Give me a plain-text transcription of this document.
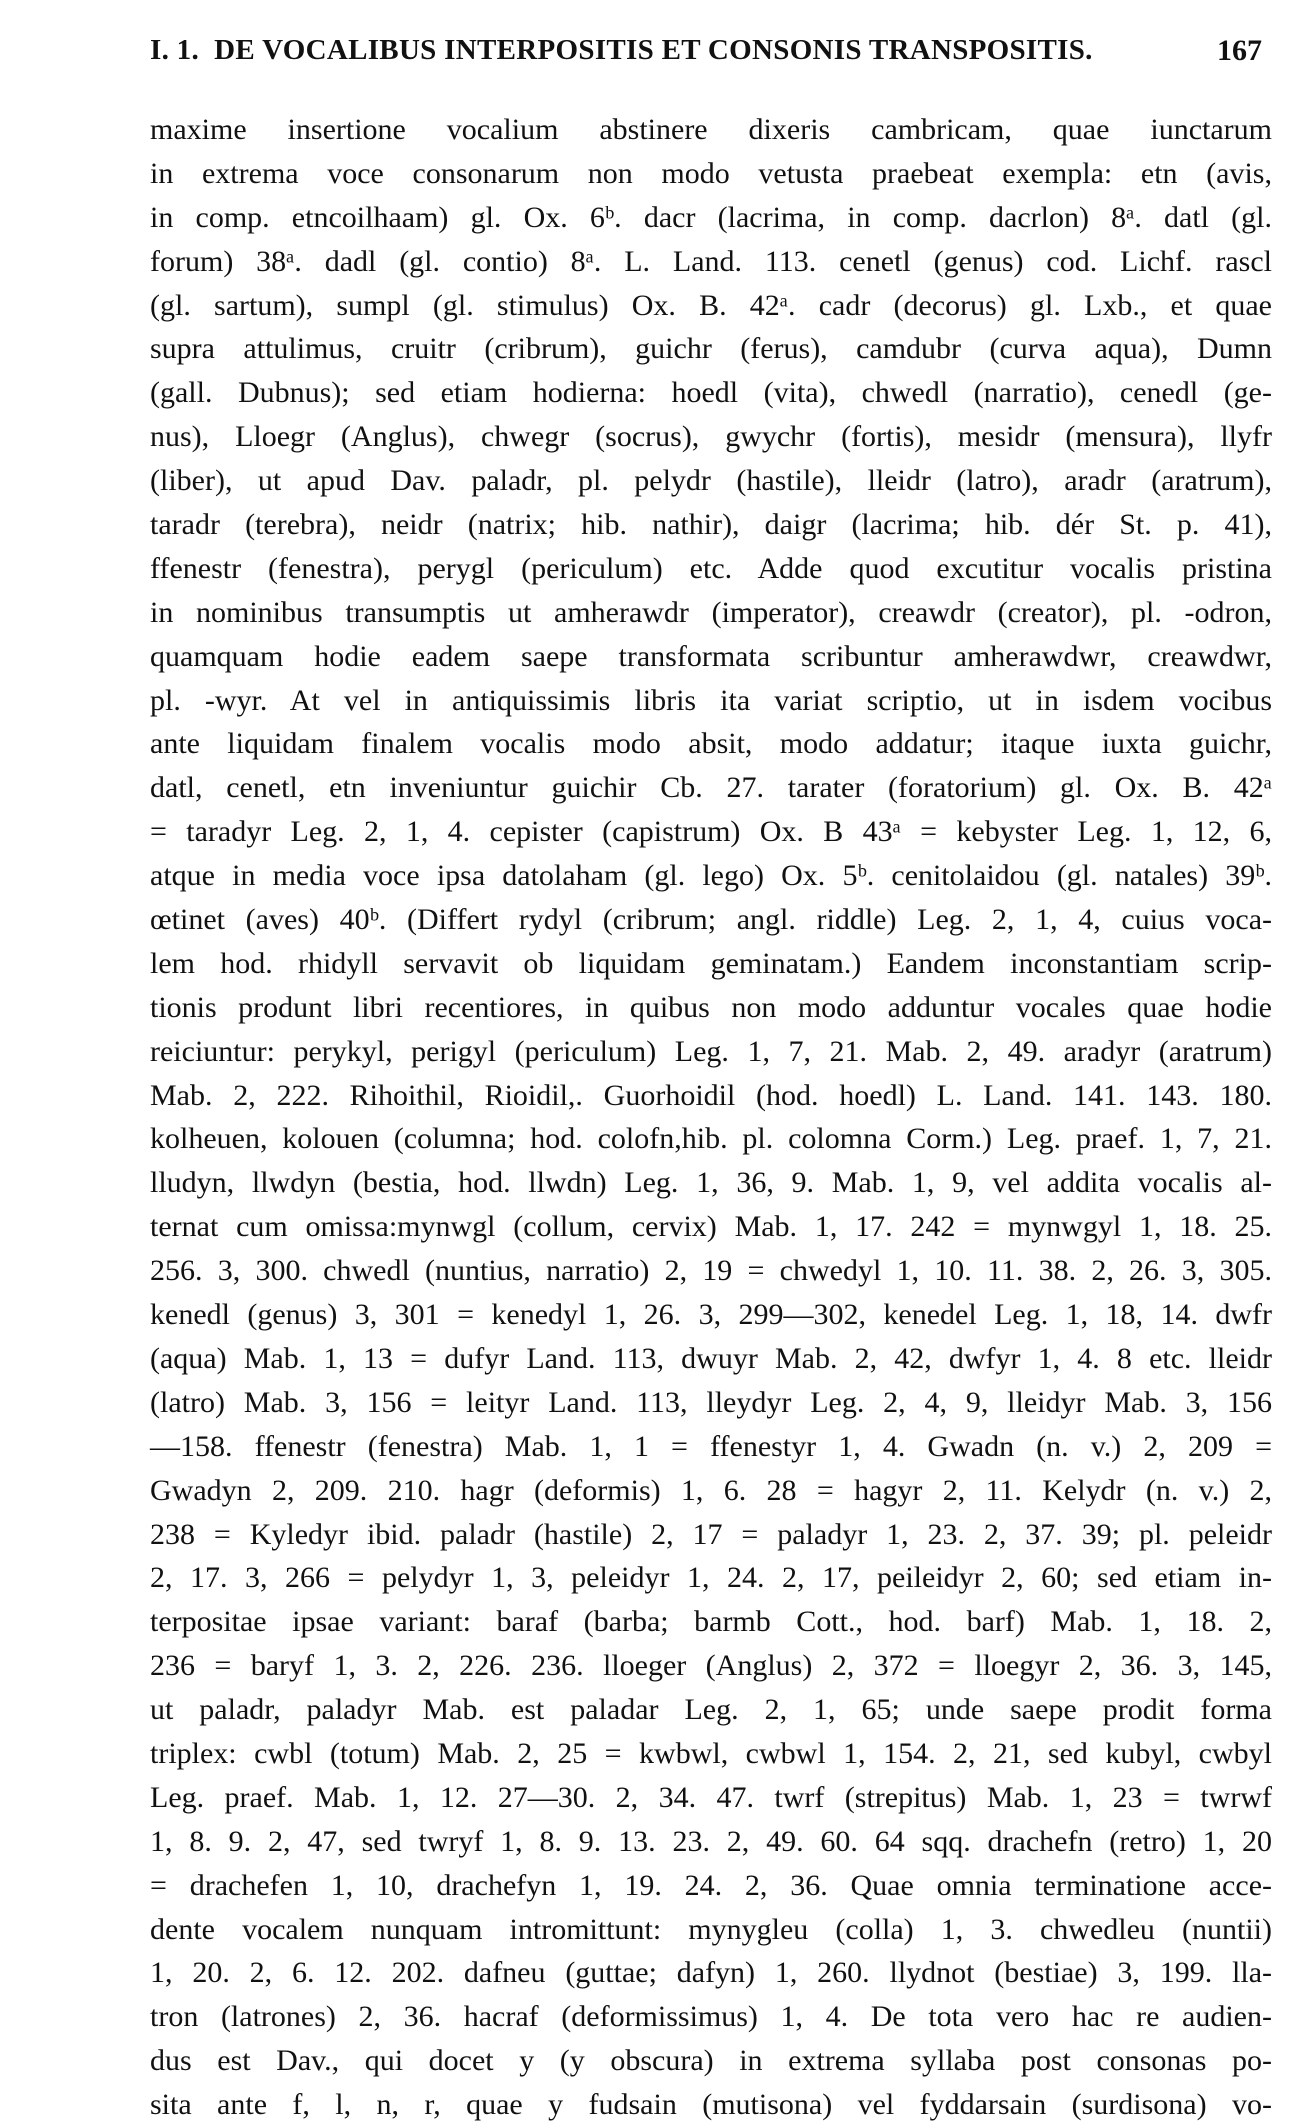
I. 1. DE VOCALIBUS INTERPOSITIS ET CONSONIS TRANSPOSITIS.	167
maxime insertione vocalium abstinere dixeris cambricam, quae iunctarum
in extrema voce consonarum non modo vetusta praebeat exempla: etn (avis,
in comp. etncoilhaam) gl. Ox. 6ᵇ. dacr (lacrima, in comp. dacrlon) 8ᵃ. datl (gl.
forum) 38ᵃ. dadl (gl. contio) 8ᵃ. L. Land. 113. cenetl (genus) cod. Lichf. rascl
(gl. sartum), sumpl (gl. stimulus) Ox. B. 42ᵃ. cadr (decorus) gl. Lxb., et quae
supra attulimus, cruitr (cribrum), guichr (ferus), camdubr (curva aqua), Dumn
(gall. Dubnus); sed etiam hodierna: hoedl (vita), chwedl (narratio), cenedl (ge-
nus), Lloegr (Anglus), chwegr (socrus), gwychr (fortis), mesidr (mensura), llyfr
(liber), ut apud Dav. paladr, pl. pelydr (hastile), lleidr (latro), aradr (aratrum),
taradr (terebra), neidr (natrix; hib. nathir), daigr (lacrima; hib. dér St. p. 41),
ffenestr (fenestra), perygl (periculum) etc. Adde quod excutitur vocalis pristina
in nominibus transumptis ut amherawdr (imperator), creawdr (creator), pl. -odron,
quamquam hodie eadem saepe transformata scribuntur amherawdwr, creawdwr,
pl. -wyr. At vel in antiquissimis libris ita variat scriptio, ut in isdem vocibus
ante liquidam finalem vocalis modo absit, modo addatur; itaque iuxta guichr,
datl, cenetl, etn inveniuntur guichir Cb. 27. tarater (foratorium) gl. Ox. B. 42ᵃ
= taradyr Leg. 2, 1, 4. cepister (capistrum) Ox. B 43ᵃ = kebyster Leg. 1, 12, 6,
atque in media voce ipsa datolaham (gl. lego) Ox. 5ᵇ. cenitolaidou (gl. natales) 39ᵇ.
œtinet (aves) 40ᵇ. (Differt rydyl (cribrum; angl. riddle) Leg. 2, 1, 4, cuius voca-
lem hod. rhidyll servavit ob liquidam geminatam.) Eandem inconstantiam scrip-
tionis produnt libri recentiores, in quibus non modo adduntur vocales quae hodie
reiciuntur: perykyl, perigyl (periculum) Leg. 1, 7, 21. Mab. 2, 49. aradyr (aratrum)
Mab. 2, 222. Rihoithil, Rioidil,. Guorhoidil (hod. hoedl) L. Land. 141. 143. 180.
kolheuen, kolouen (columna; hod. colofn,hib. pl. colomna Corm.) Leg. praef. 1, 7, 21.
lludyn, llwdyn (bestia, hod. llwdn) Leg. 1, 36, 9. Mab. 1, 9, vel addita vocalis al-
ternat cum omissa:mynwgl (collum, cervix) Mab. 1, 17. 242 = mynwgyl 1, 18. 25.
256. 3, 300. chwedl (nuntius, narratio) 2, 19 = chwedyl 1, 10. 11. 38. 2, 26. 3, 305.
kenedl (genus) 3, 301 = kenedyl 1, 26. 3, 299—302, kenedel Leg. 1, 18, 14. dwfr
(aqua) Mab. 1, 13 = dufyr Land. 113, dwuyr Mab. 2, 42, dwfyr 1, 4. 8 etc. lleidr
(latro) Mab. 3, 156 = leityr Land. 113, lleydyr Leg. 2, 4, 9, lleidyr Mab. 3, 156
—158. ffenestr (fenestra) Mab. 1, 1 = ffenestyr 1, 4. Gwadn (n. v.) 2, 209 =
Gwadyn 2, 209. 210. hagr (deformis) 1, 6. 28 = hagyr 2, 11. Kelydr (n. v.) 2,
238 = Kyledyr ibid. paladr (hastile) 2, 17 = paladyr 1, 23. 2, 37. 39; pl. peleidr
2, 17. 3, 266 = pelydyr 1, 3, peleidyr 1, 24. 2, 17, peileidyr 2, 60; sed etiam in-
terpositae ipsae variant: baraf (barba; barmb Cott., hod. barf) Mab. 1, 18. 2,
236 = baryf 1, 3. 2, 226. 236. lloeger (Anglus) 2, 372 = lloegyr 2, 36. 3, 145,
ut paladr, paladyr Mab. est paladar Leg. 2, 1, 65; unde saepe prodit forma
triplex: cwbl (totum) Mab. 2, 25 = kwbwl, cwbwl 1, 154. 2, 21, sed kubyl, cwbyl
Leg. praef. Mab. 1, 12. 27—30. 2, 34. 47. twrf (strepitus) Mab. 1, 23 = twrwf
1, 8. 9. 2, 47, sed twryf 1, 8. 9. 13. 23. 2, 49. 60. 64 sqq. drachefn (retro) 1, 20
= drachefen 1, 10, drachefyn 1, 19. 24. 2, 36. Quae omnia terminatione acce-
dente vocalem nunquam intromittunt: mynygleu (colla) 1, 3. chwedleu (nuntii)
1, 20. 2, 6. 12. 202. dafneu (guttae; dafyn) 1, 260. llydnot (bestiae) 3, 199. lla-
tron (latrones) 2, 36. hacraf (deformissimus) 1, 4. De tota vero hac re audien-
dus est Dav., qui docet y (y obscura) in extrema syllaba post consonas po-
sita ante f, l, n, r, quae y fudsain (mutisona) vel fyddarsain (surdisona) vo-
